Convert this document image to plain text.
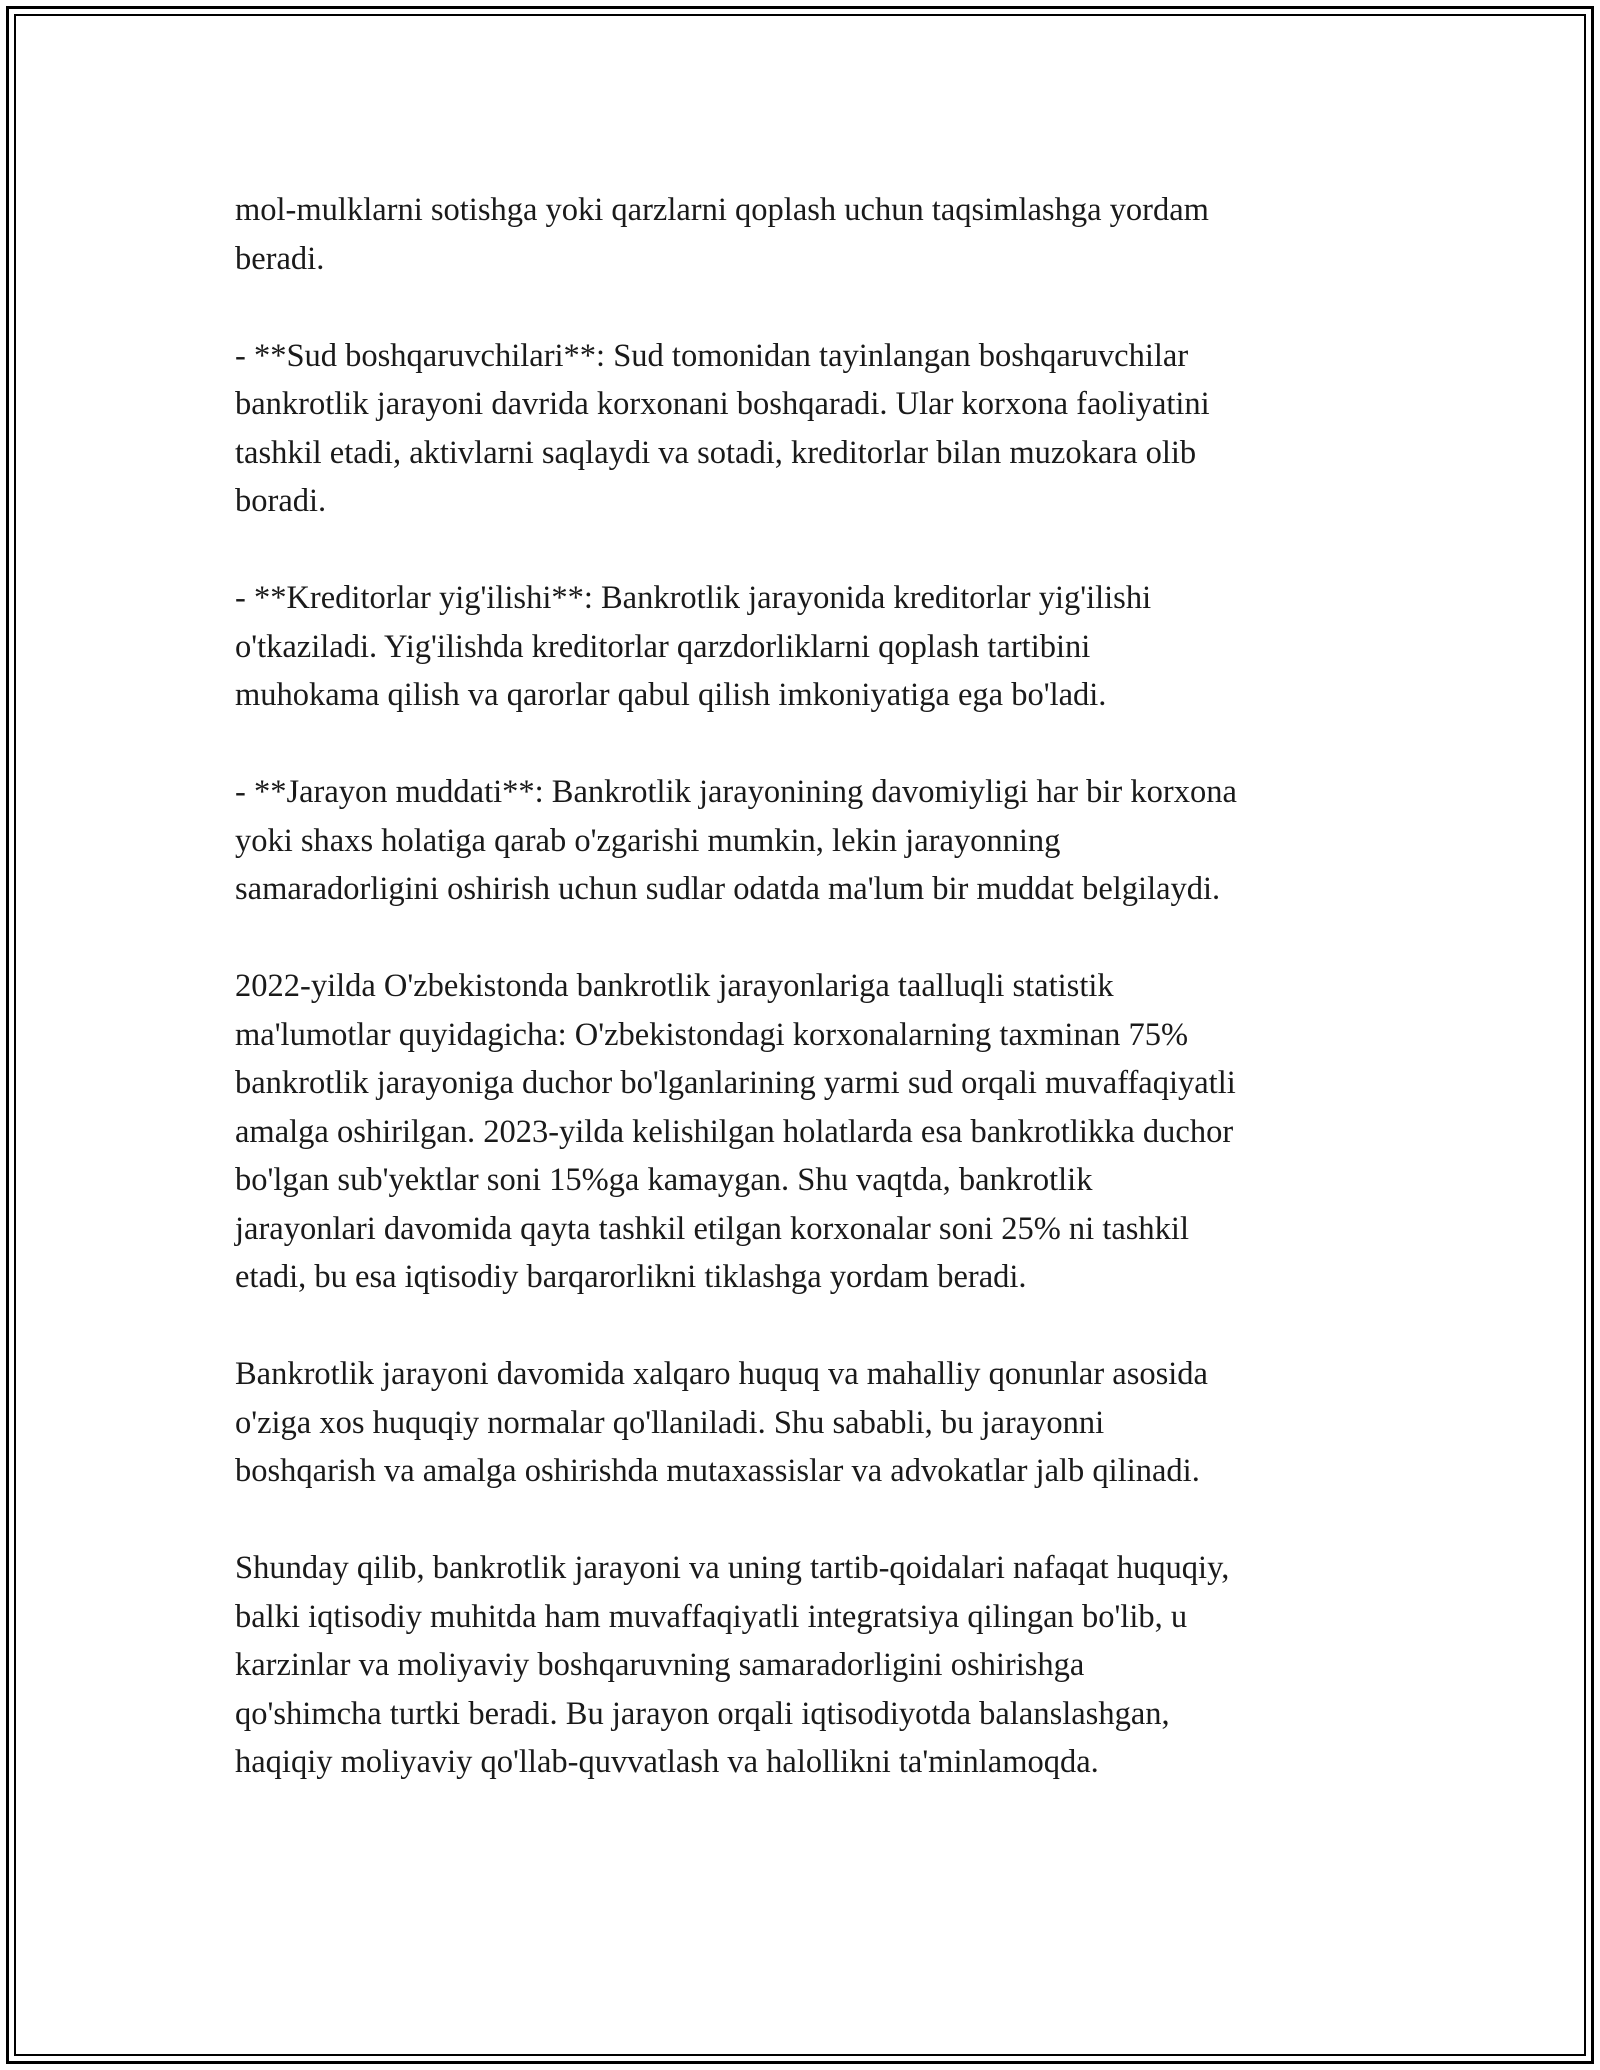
mol-mulklarni sotishga yoki qarzlarni qoplash uchun taqsimlashga yordam
beradi.

- **Sud boshqaruvchilari**: Sud tomonidan tayinlangan boshqaruvchilar
bankrotlik jarayoni davrida korxonani boshqaradi. Ular korxona faoliyatini
tashkil etadi, aktivlarni saqlaydi va sotadi, kreditorlar bilan muzokara olib
boradi.

- **Kreditorlar yig'ilishi**: Bankrotlik jarayonida kreditorlar yig'ilishi
o'tkaziladi. Yig'ilishda kreditorlar qarzdorliklarni qoplash tartibini
muhokama qilish va qarorlar qabul qilish imkoniyatiga ega bo'ladi.

- **Jarayon muddati**: Bankrotlik jarayonining davomiyligi har bir korxona
yoki shaxs holatiga qarab o'zgarishi mumkin, lekin jarayonning
samaradorligini oshirish uchun sudlar odatda ma'lum bir muddat belgilaydi.

2022-yilda O'zbekistonda bankrotlik jarayonlariga taalluqli statistik
ma'lumotlar quyidagicha: O'zbekistondagi korxonalarning taxminan 75%
bankrotlik jarayoniga duchor bo'lganlarining yarmi sud orqali muvaffaqiyatli
amalga oshirilgan. 2023-yilda kelishilgan holatlarda esa bankrotlikka duchor
bo'lgan sub'yektlar soni 15%ga kamaygan. Shu vaqtda, bankrotlik
jarayonlari davomida qayta tashkil etilgan korxonalar soni 25% ni tashkil
etadi, bu esa iqtisodiy barqarorlikni tiklashga yordam beradi.

Bankrotlik jarayoni davomida xalqaro huquq va mahalliy qonunlar asosida
o'ziga xos huquqiy normalar qo'llaniladi. Shu sababli, bu jarayonni
boshqarish va amalga oshirishda mutaxassislar va advokatlar jalb qilinadi.

Shunday qilib, bankrotlik jarayoni va uning tartib-qoidalari nafaqat huquqiy,
balki iqtisodiy muhitda ham muvaffaqiyatli integratsiya qilingan bo'lib, u
karzinlar va moliyaviy boshqaruvning samaradorligini oshirishga
qo'shimcha turtki beradi. Bu jarayon orqali iqtisodiyotda balanslashgan,
haqiqiy moliyaviy qo'llab-quvvatlash va halollikni ta'minlamoqda.
